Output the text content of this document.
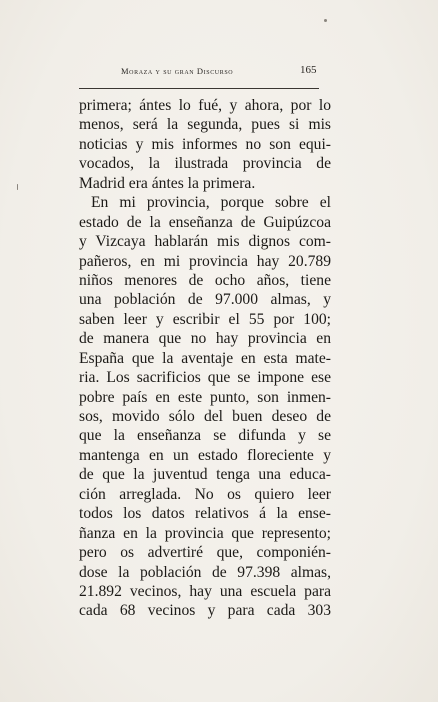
Moraza y su gran Discurso	165
primera; ántes lo fué, y ahora, por lo
menos, será la segunda, pues si mis
noticias y mis informes no son equi-
vocados, la ilustrada provincia de
Madrid era ántes la primera.
En mi provincia, porque sobre el
estado de la enseñanza de Guipúzcoa
y Vizcaya hablarán mis dignos com-
pañeros, en mi provincia hay 20.789
niños menores de ocho años, tiene
una población de 97.000 almas, y
saben leer y escribir el 55 por 100;
de manera que no hay provincia en
España que la aventaje en esta mate-
ria. Los sacrificios que se impone ese
pobre país en este punto, son inmen-
sos, movido sólo del buen deseo de
que la enseñanza se difunda y se
mantenga en un estado floreciente y
de que la juventud tenga una educa-
ción arreglada. No os quiero leer
todos los datos relativos á la ense-
ñanza en la provincia que represento;
pero os advertiré que, componién-
dose la población de 97.398 almas,
21.892 vecinos, hay una escuela para
cada 68 vecinos y para cada 303
